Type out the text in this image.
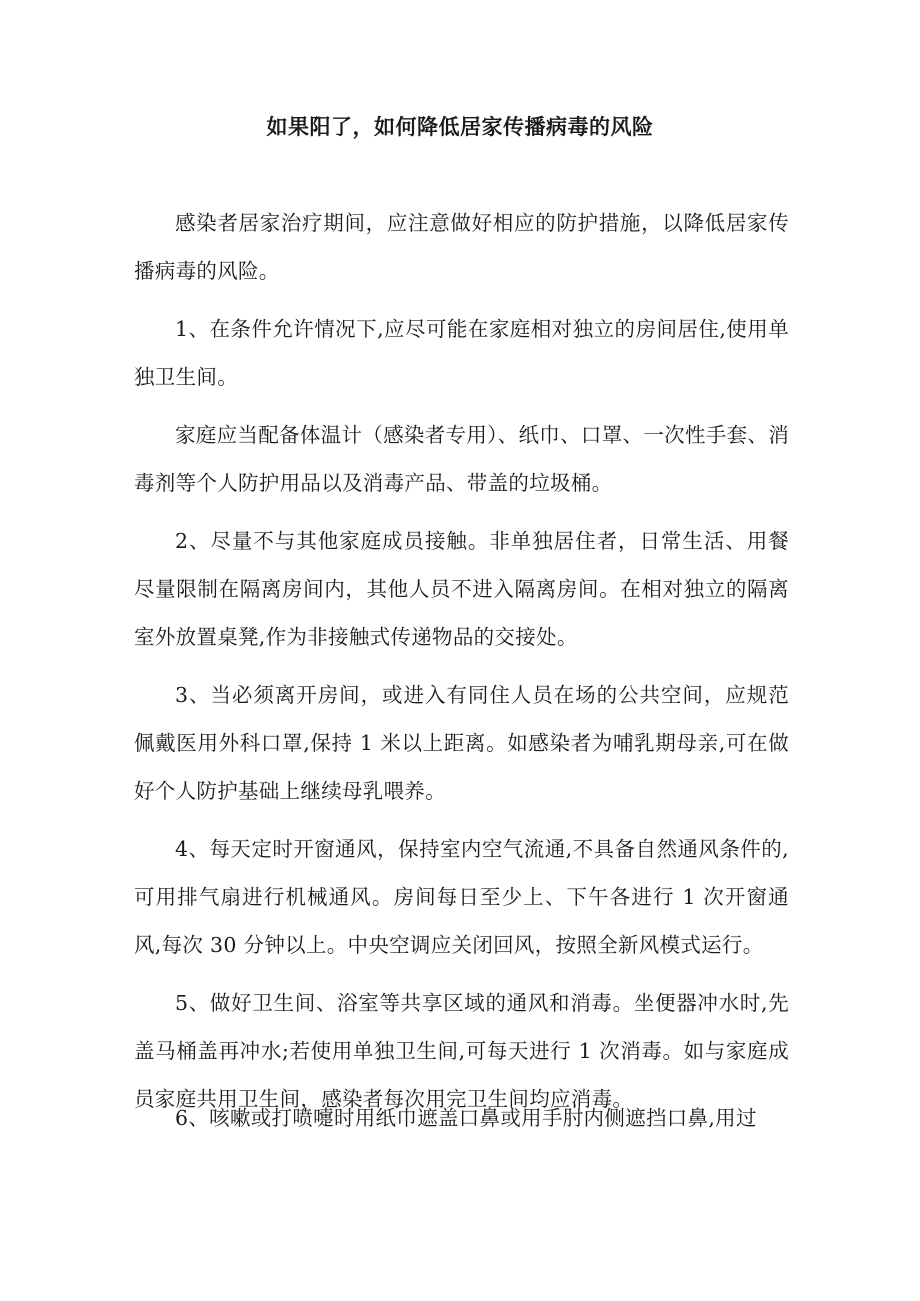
如果阳了，如何降低居家传播病毒的风险

感染者居家治疗期间，应注意做好相应的防护措施，以降低居家传播病毒的风险。

1、在条件允许情况下,应尽可能在家庭相对独立的房间居住,使用单独卫生间。

家庭应当配备体温计（感染者专用）、纸巾、口罩、一次性手套、消毒剂等个人防护用品以及消毒产品、带盖的垃圾桶。

2、尽量不与其他家庭成员接触。非单独居住者，日常生活、用餐尽量限制在隔离房间内，其他人员不进入隔离房间。在相对独立的隔离室外放置桌凳,作为非接触式传递物品的交接处。

3、当必须离开房间，或进入有同住人员在场的公共空间，应规范佩戴医用外科口罩,保持 1 米以上距离。如感染者为哺乳期母亲,可在做好个人防护基础上继续母乳喂养。

4、每天定时开窗通风，保持室内空气流通,不具备自然通风条件的,可用排气扇进行机械通风。房间每日至少上、下午各进行 1 次开窗通风,每次 30 分钟以上。中央空调应关闭回风，按照全新风模式运行。

5、做好卫生间、浴室等共享区域的通风和消毒。坐便器冲水时,先盖马桶盖再冲水;若使用单独卫生间,可每天进行 1 次消毒。如与家庭成员家庭共用卫生间，感染者每次用完卫生间均应消毒。

6、咳嗽或打喷嚏时用纸巾遮盖口鼻或用手肘内侧遮挡口鼻,用过
